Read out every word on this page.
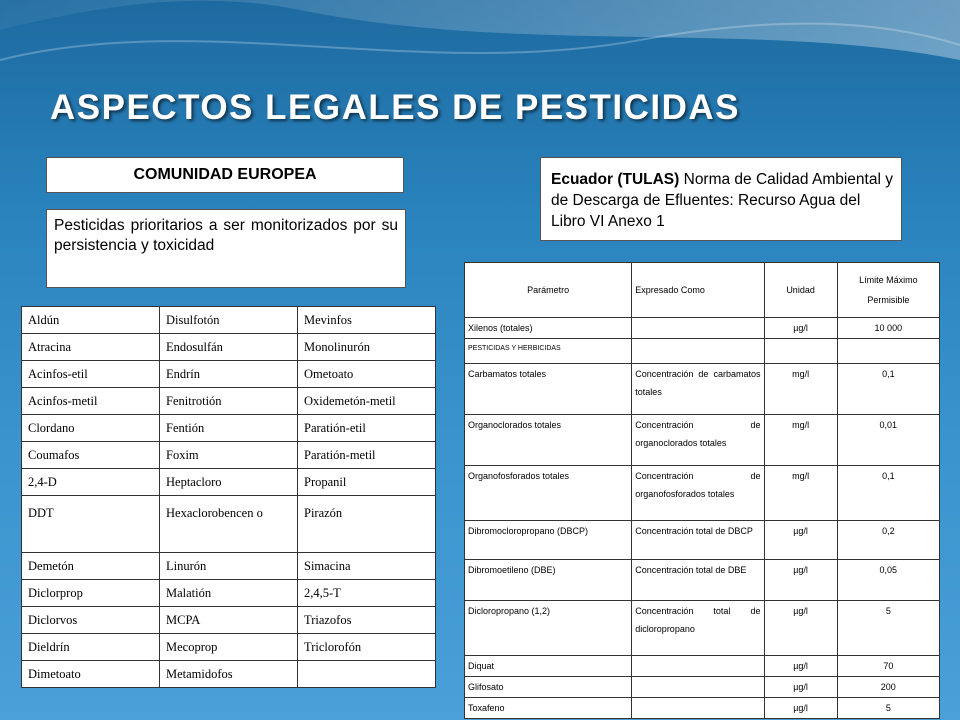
ASPECTOS LEGALES DE PESTICIDAS
COMUNIDAD EUROPEA
Pesticidas prioritarios a ser monitorizados por su persistencia y toxicidad
Ecuador (TULAS) Norma de Calidad Ambiental y de Descarga de Efluentes: Recurso Agua del Libro VI Anexo 1
Aldún	Disulfotón	Mevinfos
Atracina	Endosulfán	Monolinurón
Acinfos-etil	Endrín	Ometoato
Acinfos-metil	Fenitrotión	Oxidemetón-metil
Clordano	Fentión	Paratión-etil
Coumafos	Foxim	Paratión-metil
2,4-D	Heptacloro	Propanil
DDT	Hexaclorobencen o	Pirazón
Demetón	Linurón	Simacina
Diclorprop	Malatión	2,4,5-T
Diclorvos	MCPA	Triazofos
Dieldrín	Mecoprop	Triclorofón
Dimetoato	Metamidofos	
Parámetro	Expresado Como	Unidad	Límite Máximo Permisible
Xilenos (totales)		µg/l	10 000
PESTICIDAS Y HERBICIDAS			
Carbamatos totales	Concentración de carbamatos totales	mg/l	0,1
Organoclorados totales	Concentración de organoclorados totales	mg/l	0,01
Organofosforados totales	Concentración de organofosforados totales	mg/l	0,1
Dibromocloropropano (DBCP)	Concentración total de DBCP	µg/l	0,2
Dibromoetileno (DBE)	Concentración total de DBE	µg/l	0,05
Dicloropropano (1,2)	Concentración total de dicloropropano	µg/l	5
Diquat		µg/l	70
Glifosato		µg/l	200
Toxafeno		µg/l	5
